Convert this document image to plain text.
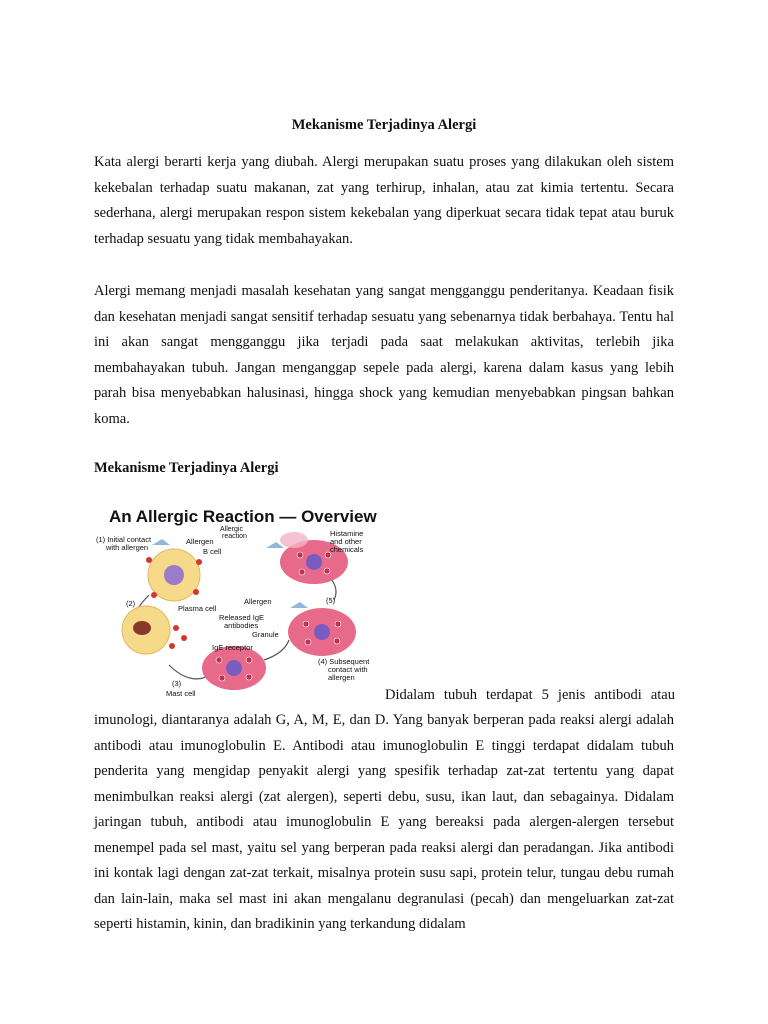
Mekanisme Terjadinya Alergi

Kata alergi berarti kerja yang diubah. Alergi merupakan suatu proses yang dilakukan oleh sistem kekebalan terhadap suatu makanan, zat yang terhirup, inhalan, atau zat kimia tertentu. Secara sederhana, alergi merupakan respon sistem kekebalan yang diperkuat secara tidak tepat atau buruk terhadap sesuatu yang tidak membahayakan.

Alergi memang menjadi masalah kesehatan yang sangat mengganggu penderitanya. Keadaan fisik dan kesehatan menjadi sangat sensitif terhadap sesuatu yang sebenarnya tidak berbahaya. Tentu hal ini akan sangat mengganggu jika terjadi pada saat melakukan aktivitas, terlebih jika membahayakan tubuh. Jangan menganggap sepele pada alergi, karena dalam kasus yang lebih parah bisa menyebabkan halusinasi, hingga shock yang kemudian menyebabkan pingsan bahkan koma.

Mekanisme Terjadinya Alergi
An Allergic Reaction — Overview
(1) Initial contact
with allergen
Allergen
B cell
Allergic
reaction	Histamine
and other
chemicals
(2)
Plasma cell
Allergen	(5)
Released IgE
antibodies
Granule
IgE receptor
(4) Subsequent
contact with
allergen
(3)
Mast cell	Didalam tubuh terdapat 5 jenis antibodi atau

imunologi, diantaranya adalah G, A, M, E, dan D. Yang banyak berperan pada reaksi alergi adalah antibodi atau imunoglobulin E. Antibodi atau imunoglobulin E tinggi terdapat didalam tubuh penderita yang mengidap penyakit alergi yang spesifik terhadap zat-zat tertentu yang dapat menimbulkan reaksi alergi (zat alergen), seperti debu, susu, ikan laut, dan sebagainya. Didalam jaringan tubuh, antibodi atau imunoglobulin E yang bereaksi pada alergen-alergen tersebut menempel pada sel mast, yaitu sel yang berperan pada reaksi alergi dan peradangan. Jika antibodi ini kontak lagi dengan zat-zat terkait, misalnya protein susu sapi, protein telur, tungau debu rumah dan lain-lain, maka sel mast ini akan mengalanu degranulasi (pecah) dan mengeluarkan zat-zat seperti histamin, kinin, dan bradikinin yang terkandung didalam
